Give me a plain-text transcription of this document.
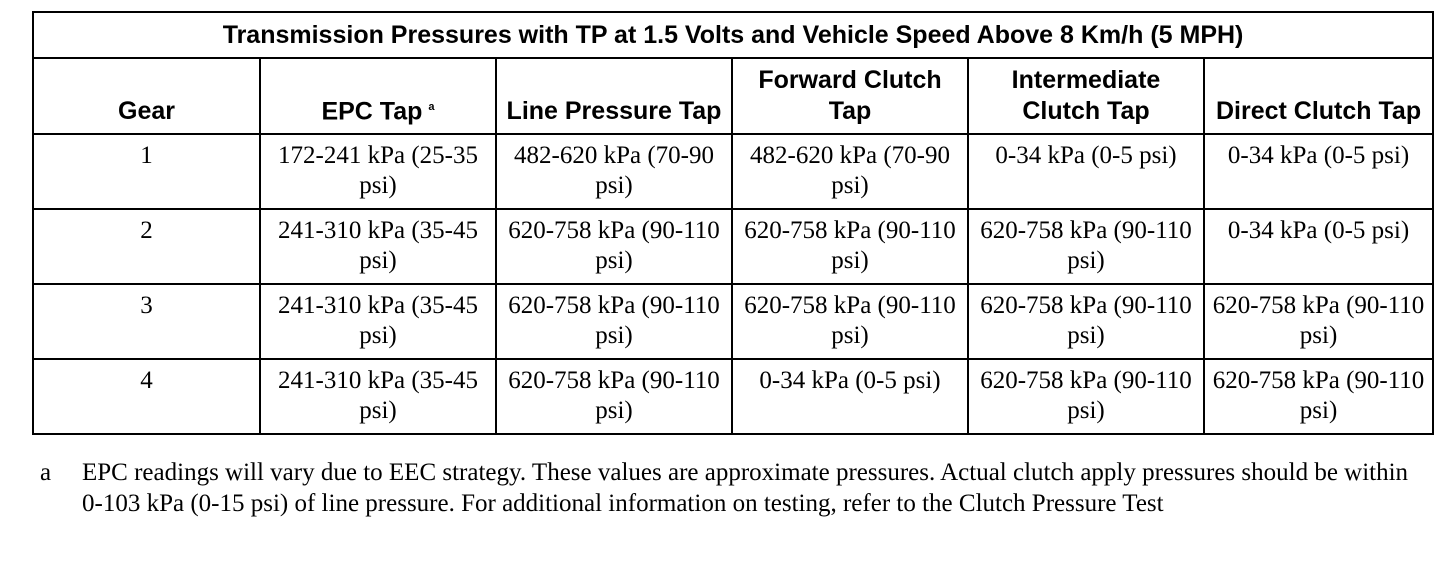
Transmission Pressures with TP at 1.5 Volts and Vehicle Speed Above 8 Km/h (5 MPH)					
Gear	EPC Tap $^a$	Line Pressure Tap	Forward Clutch Tap	Intermediate Clutch Tap	Direct Clutch Tap
1	172-241 kPa (25-35 psi)	482-620 kPa (70-90 psi)	482-620 kPa (70-90 psi)	0-34 kPa (0-5 psi)	0-34 kPa (0-5 psi)
2	241-310 kPa (35-45 psi)	620-758 kPa (90-110 psi)	620-758 kPa (90-110 psi)	620-758 kPa (90-110 psi)	0-34 kPa (0-5 psi)
3	241-310 kPa (35-45 psi)	620-758 kPa (90-110 psi)	620-758 kPa (90-110 psi)	620-758 kPa (90-110 psi)	620-758 kPa (90-110 psi)
4	241-310 kPa (35-45 psi)	620-758 kPa (90-110 psi)	0-34 kPa (0-5 psi)	620-758 kPa (90-110 psi)	620-758 kPa (90-110 psi)
a	EPC readings will vary due to EEC strategy. These values are approximate pressures. Actual clutch apply pressures should be within 0-103 kPa (0-15 psi) of line pressure. For additional information on testing, refer to the Clutch Pressure Test
